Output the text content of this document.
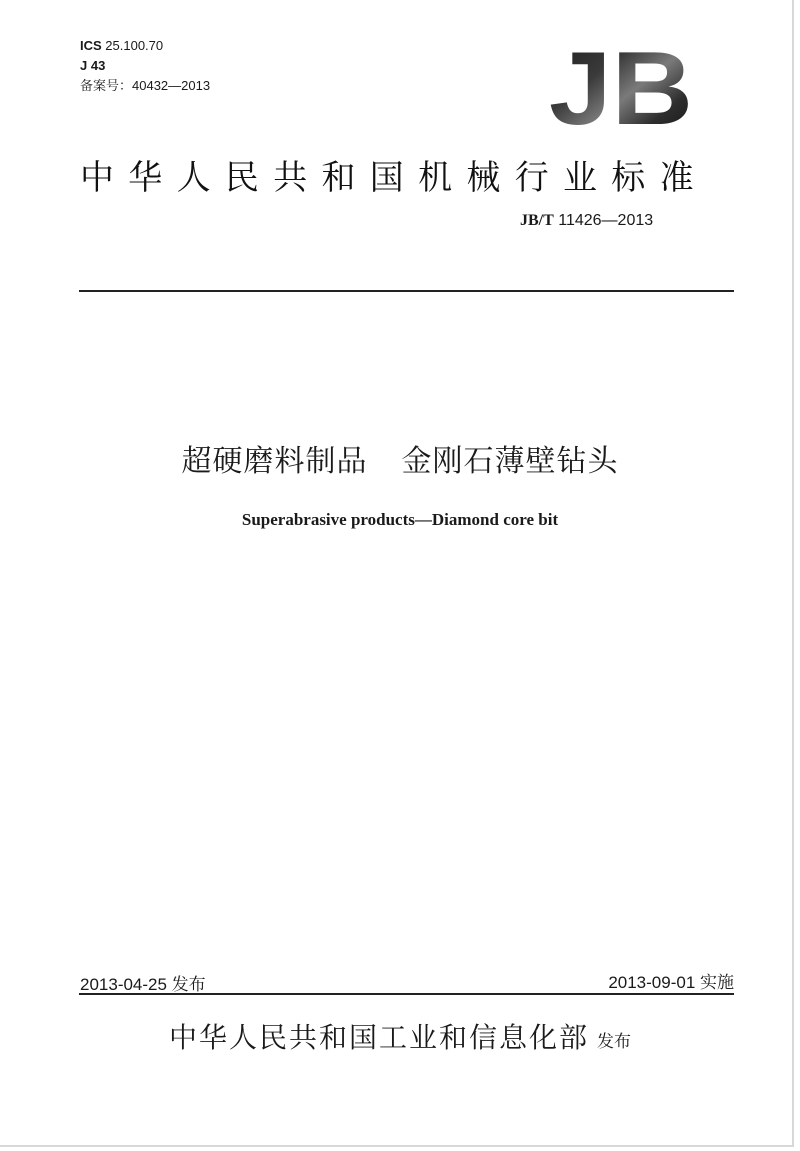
ICS 25.100.70
J 43
备案号：40432—2013	JB
中华人民共和国机械行业标准
JB/T 11426—2013
超硬磨料制品 金刚石薄壁钻头
Superabrasive products—Diamond core bit
2013-04-25 发布	2013-09-01 实施
中华人民共和国工业和信息化部 发布
